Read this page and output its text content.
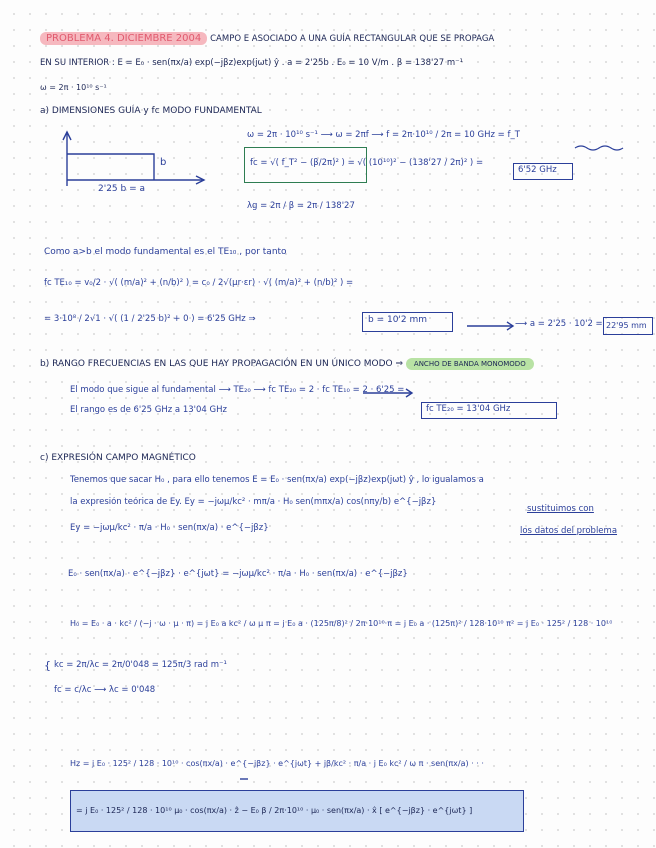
PROBLEMA 4. DICIEMBRE 2004 CAMPO E ASOCIADO A UNA GUÍA RECTANGULAR QUE SE PROPAGA
EN SU INTERIOR : E = E₀ · sen(πx/a) exp(−jβz)exp(jωt) ŷ . a = 2'25b . E₀ = 10 V/m . β = 138'27 m⁻¹
ω = 2π · 10¹⁰ s⁻¹
a) DIMENSIONES GUÍA y fc MODO FUNDAMENTAL
b
2'25 b = a
ω = 2π · 10¹⁰ s⁻¹ ⟶ ω = 2πf ⟶ f = 2π·10¹⁰ / 2π = 10 GHz = f_T
fc = √( f_T² − (β/2π)² ) = √( (10¹⁰)² − (138'27 / 2π)² ) =
6'52 GHz
λg = 2π / β = 2π / 138'27
Como a>b el modo fundamental es el TE₁₀ , por tanto
fc TE₁₀ = v₀/2 · √( (m/a)² + (n/b)² ) = c₀ / 2√(μr·εr) · √( (m/a)² + (n/b)² ) =
= 3·10⁸ / 2√1 · √( (1 / 2'25 b)² + 0 ) = 6'25 GHz ⇒	b = 10'2 mm	⟶ a = 2'25 · 10'2 = 22'95 mm
b) RANGO FRECUENCIAS EN LAS QUE HAY PROPAGACIÓN EN UN ÚNICO MODO ⇒ ANCHO DE BANDA MONOMODO
El modo que sigue al fundamental ⟶ TE₂₀ ⟶ fc TE₂₀ = 2 · fc TE₁₀ = 2 · 6'25 =
El rango es de 6'25 GHz a 13'04 GHz	fc TE₂₀ = 13'04 GHz
c) EXPRESIÓN CAMPO MAGNÉTICO
Tenemos que sacar H₀ , para ello tenemos E = E₀ · sen(πx/a) exp(−jβz)exp(jωt) ŷ , lo igualamos a
la expresión teórica de Ey. Ey = −jωμ/kc² · mπ/a · H₀ sen(mπx/a) cos(nπy/b) e^{−jβz}
sustituimos con
los datos del problema
Ey = −jωμ/kc² · π/a · H₀ · sen(πx/a) · e^{−jβz}
E₀ · sen(πx/a) · e^{−jβz} · e^{jωt} = −jωμ/kc² · π/a · H₀ · sen(πx/a) · e^{−jβz}
H₀ = E₀ · a · kc² / (−j · ω · μ · π) = j E₀ a kc² / ω μ π = j E₀ a · (125π/8)² / 2π·10¹⁰·π = j E₀ a · (125π)² / 128·10¹⁰ π² = j E₀ · 125² / 128 · 10¹⁰
{ kc = 2π/λc = 2π/0'048 = 125π/3 rad m⁻¹
fc = c/λc ⟶ λc = 0'048
Hz = j E₀ · 125² / 128 · 10¹⁰ · cos(πx/a) · e^{−jβz} · e^{jωt} + jβ/kc² · π/a · j E₀ kc² / ω π · sen(πx/a) · · ·
= j E₀ · 125² / 128 · 10¹⁰ μ₀ · cos(πx/a) · ẑ − E₀ β / 2π·10¹⁰ · μ₀ · sen(πx/a) · x̂ [ e^{−jβz} · e^{jωt} ]
